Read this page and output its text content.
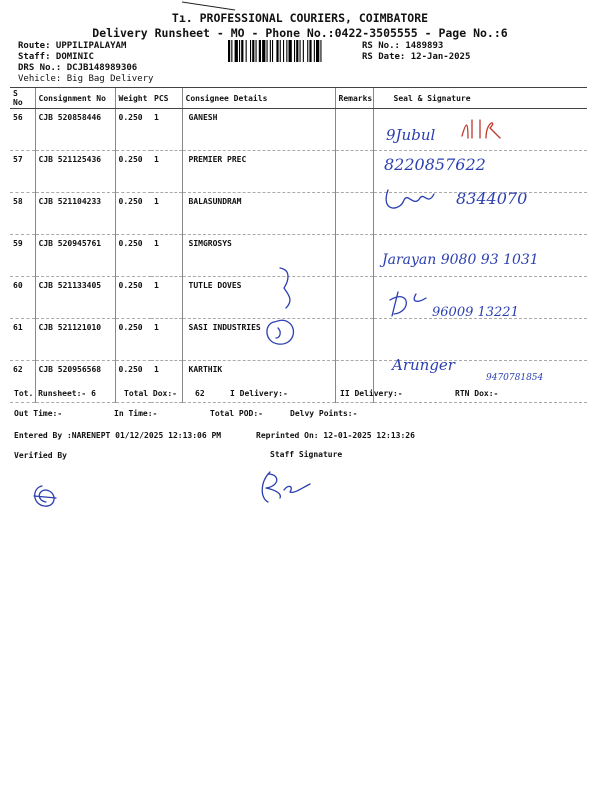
Tı. PROFESSIONAL COURIERS, COIMBATORE
Delivery Runsheet - MO - Phone No.:0422-3505555 - Page No.:6
Route: UPPILIPALAYAM
Staff: DOMINIC
DRS No.: DCJB148989306
Vehicle: Big Bag Delivery
RS No.: 1489893
RS Date: 12-Jan-2025
S No	Consignment No	Weight	PCS	Consignee Details	Remarks	Seal & Signature
56	CJB 520858446	0.250	1	GANESH		
57	CJB 521125436	0.250	1	PREMIER PREC		
58	CJB 521104233	0.250	1	BALASUNDRAM		
59	CJB 520945761	0.250	1	SIMGROSYS		
60	CJB 521133405	0.250	1	TUTLE DOVES		
61	CJB 521121010	0.250	1	SASI INDUSTRIES		
62	CJB 520956568	0.250	1	KARTHIK		
9Jubul
8220857622
8344070
Jarayan 9080 93 1031
96009 13221
Arunger
9470781854
Tot. Runsheet:- 6	Total Dox:- 62	I Delivery:-	II Delivery:-	RTN Dox:-
Out Time:-	In Time:-	Total POD:-	Delvy Points:-
Entered By :NARENEPT 01/12/2025 12:13:06 PM	Reprinted On: 12-01-2025 12:13:26
Verified By	Staff Signature
